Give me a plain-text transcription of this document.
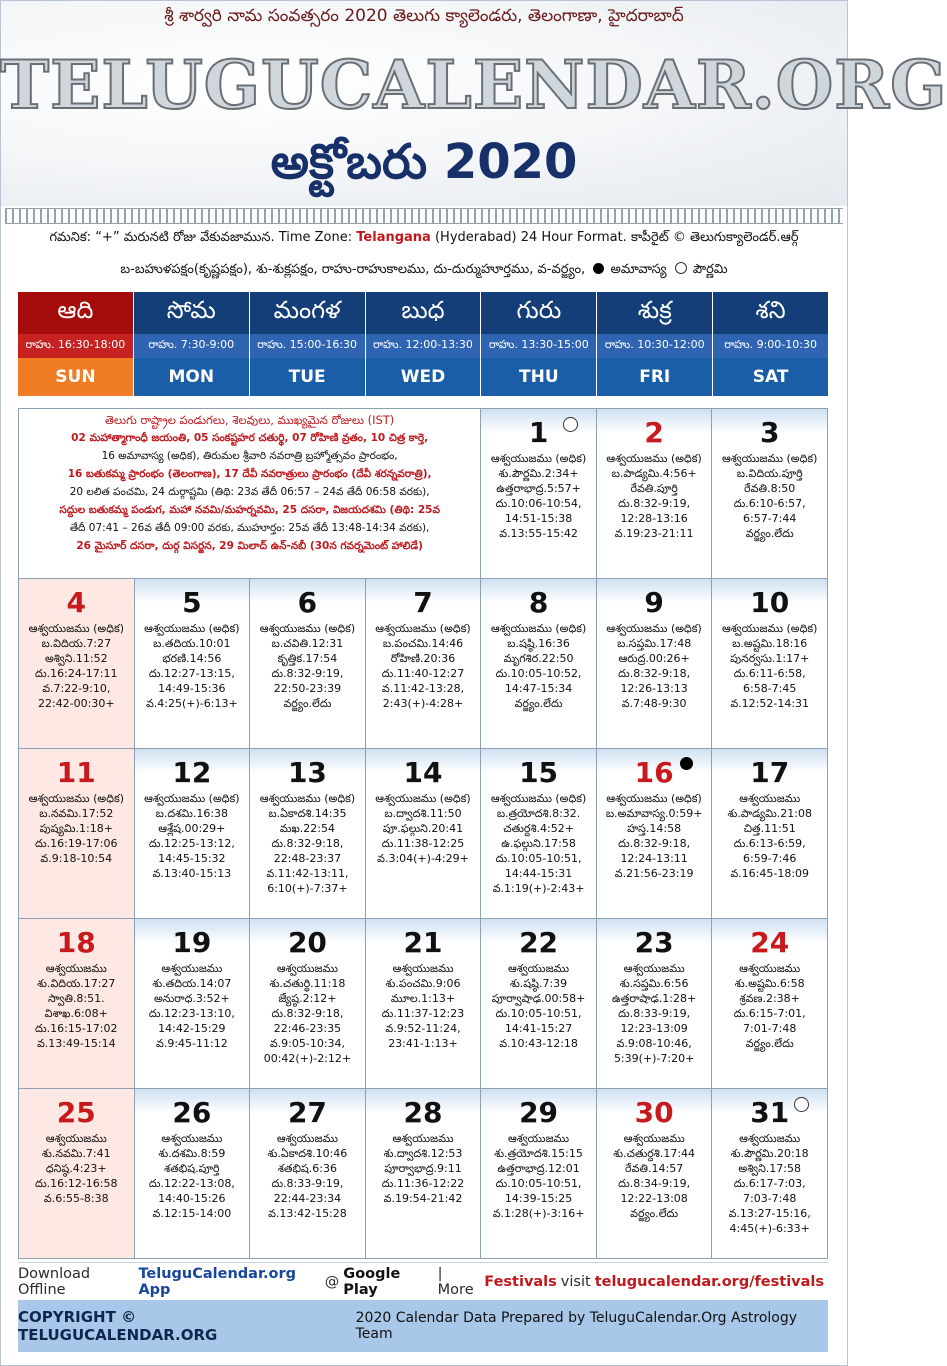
శ్రీ శార్వరి నామ సంవత్సరం 2020 తెలుగు క్యాలెండరు, తెలంగాణా, హైదరాబాద్
TELUGUCALENDAR.ORG
అక్టోబరు 2020
గమనిక: “+” మరునటి రోజు వేకువజామున. Time Zone: Telangana (Hyderabad) 24 Hour Format. కాపీరైట్ © తెలుగుక్యాలెండర్.ఆర్గ్
బ-బహుళపక్షం(కృష్ణపక్షం), శు-శుక్లపక్షం, రాహు-రాహుకాలము, దు-దుర్ముహూర్తము, వ-వర్జ్యం, అమావాస్య పౌర్ణమి
ఆది
రాహు. 16:30-18:00
SUN
సోమ
రాహు. 7:30-9:00
MON
మంగళ
రాహు. 15:00-16:30
TUE
బుధ
రాహు. 12:00-13:30
WED
గురు
రాహు. 13:30-15:00
THU
శుక్ర
రాహు. 10:30-12:00
FRI
శని
రాహు. 9:00-10:30
SAT
తెలుగు రాష్ట్రాల పండుగలు, శెలవులు, ముఖ్యమైన రోజులు (IST)
02 మహాత్మాగాంధీ జయంతి, 05 సంకష్టహర చతుర్థి, 07 రోహిణి వ్రతం, 10 చిత్ర కార్తె,
16 అమావాస్య (అధిక), తిరుమల శ్రీవారి నవరాత్రి బ్రహ్మోత్సవం ప్రారంభం,
16 బతుకమ్మ ప్రారంభం (తెలంగాణ), 17 దేవీ నవరాత్రులు ప్రారంభం (దేవీ శరన్నవరాత్రి),
20 లలిత పంచమి, 24 దుర్గాష్టమి (తిథి: 23వ తేదీ 06:57 – 24వ తేదీ 06:58 వరకు),
సద్దుల బతుకమ్మ పండుగ, మహా నవమి/మహర్నవమి, 25 దసరా, విజయదశమి (తిథి: 25వ
తేదీ 07:41 – 26వ తేదీ 09:00 వరకు, ముహూర్తం: 25వ తేదీ 13:48-14:34 వరకు),
26 మైసూర్ దసరా, దుర్గ విసర్జన, 29 మిలాద్ ఉన్-నబీ (30న గవర్నమెంట్ హాలిడే)
1
ఆశ్వయుజము (అధిక)
శు.పౌర్ణమి.2:34+
ఉత్తరాభాద్ర.5:57+
దు.10:06-10:54,
14:51-15:38
వ.13:55-15:42
2
ఆశ్వయుజము (అధిక)
బ.పాడ్యమి.4:56+
రేవతి.పూర్తి
దు.8:32-9:19,
12:28-13:16
వ.19:23-21:11
3
ఆశ్వయుజము (అధిక)
బ.విదియ.పూర్తి
రేవతి.8:50
దు.6:10-6:57,
6:57-7:44
వర్జ్యం.లేదు
4
ఆశ్వయుజము (అధిక)
బ.విదియ.7:27
అశ్విని.11:52
దు.16:24-17:11
వ.7:22-9:10,
22:42-00:30+
5
ఆశ్వయుజము (అధిక)
బ.తదియ.10:01
భరణి.14:56
దు.12:27-13:15,
14:49-15:36
వ.4:25(+)-6:13+
6
ఆశ్వయుజము (అధిక)
బ.చవితి.12:31
కృత్తిక.17:54
దు.8:32-9:19,
22:50-23:39
వర్జ్యం.లేదు
7
ఆశ్వయుజము (అధిక)
బ.పంచమి.14:46
రోహిణి.20:36
దు.11:40-12:27
వ.11:42-13:28,
2:43(+)-4:28+
8
ఆశ్వయుజము (అధిక)
బ.షష్ఠి.16:36
మృగశిర.22:50
దు.10:05-10:52,
14:47-15:34
వర్జ్యం.లేదు
9
ఆశ్వయుజము (అధిక)
బ.సప్తమి.17:48
ఆరుద్ర.00:26+
దు.8:32-9:18,
12:26-13:13
వ.7:48-9:30
10
ఆశ్వయుజము (అధిక)
బ.అష్టమి.18:16
పునర్వసు.1:17+
దు.6:11-6:58,
6:58-7:45
వ.12:52-14:31
11
ఆశ్వయుజము (అధిక)
బ.నవమి.17:52
పుష్యమి.1:18+
దు.16:19-17:06
వ.9:18-10:54
12
ఆశ్వయుజము (అధిక)
బ.దశమి.16:38
ఆశ్లేష.00:29+
దు.12:25-13:12,
14:45-15:32
వ.13:40-15:13
13
ఆశ్వయుజము (అధిక)
బ.ఏకాదశి.14:35
మఖ.22:54
దు.8:32-9:18,
22:48-23:37
వ.11:42-13:11,
6:10(+)-7:37+
14
ఆశ్వయుజము (అధిక)
బ.ద్వాదశి.11:50
పూ.ఫల్గుని.20:41
దు.11:38-12:25
వ.3:04(+)-4:29+
15
ఆశ్వయుజము (అధిక)
బ.త్రయోదశి.8:32.
చతుర్దశి.4:52+
ఉ.ఫల్గుని.17:58
దు.10:05-10:51,
14:44-15:31
వ.1:19(+)-2:43+
16
ఆశ్వయుజము (అధిక)
బ.అమావాస్య.0:59+
హస్త.14:58
దు.8:32-9:18,
12:24-13:11
వ.21:56-23:19
17
ఆశ్వయుజము
శు.పాడ్యమి.21:08
చిత్త.11:51
దు.6:13-6:59,
6:59-7:46
వ.16:45-18:09
18
ఆశ్వయుజము
శు.విదియ.17:27
స్వాతి.8:51.
విశాఖ.6:08+
దు.16:15-17:02
వ.13:49-15:14
19
ఆశ్వయుజము
శు.తదియ.14:07
అనురాధ.3:52+
దు.12:23-13:10,
14:42-15:29
వ.9:45-11:12
20
ఆశ్వయుజము
శు.చతుర్థి.11:18
జ్యేష్ఠ.2:12+
దు.8:32-9:18,
22:46-23:35
వ.9:05-10:34,
00:42(+)-2:12+
21
ఆశ్వయుజము
శు.పంచమి.9:06
మూల.1:13+
దు.11:37-12:23
వ.9:52-11:24,
23:41-1:13+
22
ఆశ్వయుజము
శు.షష్ఠి.7:39
పూర్వాషాఢ.00:58+
దు.10:05-10:51,
14:41-15:27
వ.10:43-12:18
23
ఆశ్వయుజము
శు.సప్తమి.6:56
ఉత్తరాషాఢ.1:28+
దు.8:33-9:19,
12:23-13:09
వ.9:08-10:46,
5:39(+)-7:20+
24
ఆశ్వయుజము
శు.అష్టమి.6:58
శ్రవణ.2:38+
దు.6:15-7:01,
7:01-7:48
వర్జ్యం.లేదు
25
ఆశ్వయుజము
శు.నవమి.7:41
ధనిష్ఠ.4:23+
దు.16:12-16:58
వ.6:55-8:38
26
ఆశ్వయుజము
శు.దశమి.8:59
శతభిష.పూర్తి
దు.12:22-13:08,
14:40-15:26
వ.12:15-14:00
27
ఆశ్వయుజము
శు.ఏకాదశి.10:46
శతభిష.6:36
దు.8:33-9:19,
22:44-23:34
వ.13:42-15:28
28
ఆశ్వయుజము
శు.ద్వాదశి.12:53
పూర్వాభాద్ర.9:11
దు.11:36-12:22
వ.19:54-21:42
29
ఆశ్వయుజము
శు.త్రయోదశి.15:15
ఉత్తరాభాద్ర.12:01
దు.10:05-10:51,
14:39-15:25
వ.1:28(+)-3:16+
30
ఆశ్వయుజము
శు.చతుర్దశి.17:44
రేవతి.14:57
దు.8:34-9:19,
12:22-13:08
వర్జ్యం.లేదు
31
ఆశ్వయుజము
శు.పౌర్ణమి.20:18
అశ్విని.17:58
దు.6:17-7:03,
7:03-7:48
వ.13:27-15:16,
4:45(+)-6:33+
Download Offline
TeluguCalendar.org App	@ Google Play
| More Festivals visit telugucalendar.org/festivals
COPYRIGHT © TELUGUCALENDAR.ORG
2020 Calendar Data Prepared by TeluguCalendar.Org Astrology Team
